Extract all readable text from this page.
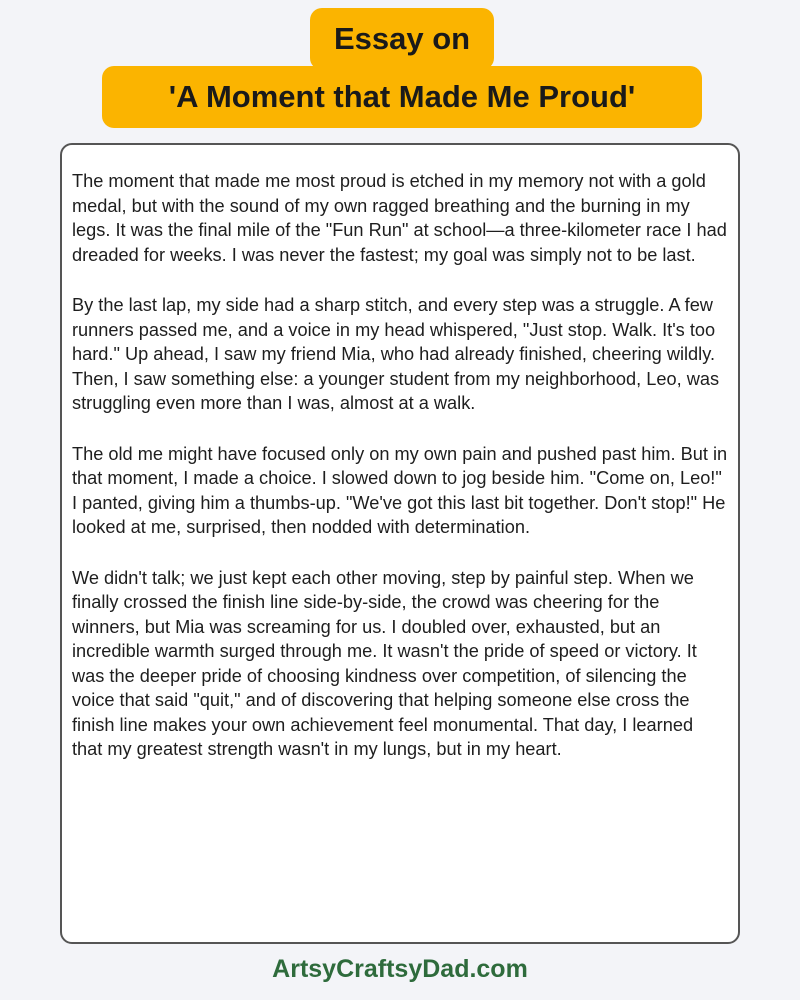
Essay on
'A Moment that Made Me Proud'

The moment that made me most proud is etched in my memory not with a gold medal, but with the sound of my own ragged breathing and the burning in my legs. It was the final mile of the "Fun Run" at school—a three-kilometer race I had dreaded for weeks. I was never the fastest; my goal was simply not to be last.

By the last lap, my side had a sharp stitch, and every step was a struggle. A few runners passed me, and a voice in my head whispered, "Just stop. Walk. It's too hard." Up ahead, I saw my friend Mia, who had already finished, cheering wildly. Then, I saw something else: a younger student from my neighborhood, Leo, was struggling even more than I was, almost at a walk.

The old me might have focused only on my own pain and pushed past him. But in that moment, I made a choice. I slowed down to jog beside him. "Come on, Leo!" I panted, giving him a thumbs-up. "We've got this last bit together. Don't stop!" He looked at me, surprised, then nodded with determination.

We didn't talk; we just kept each other moving, step by painful step. When we finally crossed the finish line side-by-side, the crowd was cheering for the winners, but Mia was screaming for us. I doubled over, exhausted, but an incredible warmth surged through me. It wasn't the pride of speed or victory. It was the deeper pride of choosing kindness over competition, of silencing the voice that said "quit," and of discovering that helping someone else cross the finish line makes your own achievement feel monumental. That day, I learned that my greatest strength wasn't in my lungs, but in my heart.

ArtsyCraftsyDad.com
